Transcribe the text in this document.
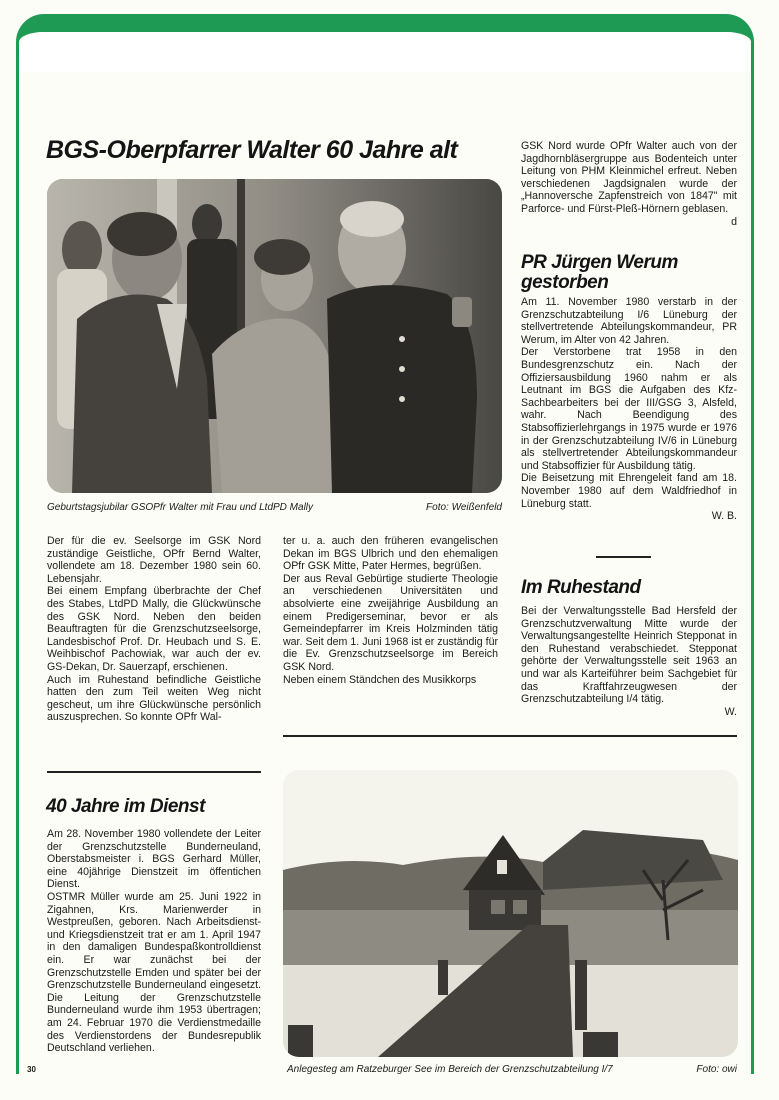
BGS-Oberpfarrer Walter 60 Jahre alt
Geburtstagsjubilar GSOPfr Walter mit Frau und LtdPD Mally	Foto: Weißenfeld

Der für die ev. Seelsorge im GSK Nord zuständige Geistliche, OPfr Bernd Walter, vollendete am 18. Dezember 1980 sein 60. Lebensjahr.

Bei einem Empfang überbrachte der Chef des Stabes, LtdPD Mally, die Glückwünsche des GSK Nord. Neben den beiden Beauftragten für die Grenzschutzseelsorge, Landesbischof Prof. Dr. Heubach und S. E. Weihbischof Pachowiak, war auch der ev. GS-Dekan, Dr. Sauerzapf, erschienen.

Auch im Ruhestand befindliche Geistliche hatten den zum Teil weiten Weg nicht gescheut, um ihre Glückwünsche persönlich auszusprechen. So konnte OPfr Wal-

ter u. a. auch den früheren evangelischen Dekan im BGS Ulbrich und den ehemaligen OPfr GSK Mitte, Pater Hermes, begrüßen.

Der aus Reval Gebürtige studierte Theologie an verschiedenen Universitäten und absolvierte eine zweijährige Ausbildung an einem Predigerseminar, bevor er als Gemeindepfarrer im Kreis Holzminden tätig war. Seit dem 1. Juni 1968 ist er zuständig für die Ev. Grenzschutzseelsorge im Bereich GSK Nord.

Neben einem Ständchen des Musikkorps

GSK Nord wurde OPfr Walter auch von der Jagdhornbläsergruppe aus Bodenteich unter Leitung von PHM Kleinmichel erfreut. Neben verschiedenen Jagdsignalen wurde der „Hannoversche Zapfenstreich von 1847" mit Parforce- und Fürst-Pleß-Hörnern geblasen.

d

PR Jürgen Werum gestorben

Am 11. November 1980 verstarb in der Grenzschutzabteilung I/6 Lüneburg der stellvertretende Abteilungskommandeur, PR Werum, im Alter von 42 Jahren.

Der Verstorbene trat 1958 in den Bundesgrenzschutz ein. Nach der Offiziersausbildung 1960 nahm er als Leutnant im BGS die Aufgaben des Kfz-Sachbearbeiters bei der III/GSG 3, Alsfeld, wahr. Nach Beendigung des Stabsoffizierlehrgangs in 1975 wurde er 1976 in der Grenzschutzabteilung IV/6 in Lüneburg als stellvertretender Abteilungskommandeur und Stabsoffizier für Ausbildung tätig.

Die Beisetzung mit Ehrengeleit fand am 18. November 1980 auf dem Waldfriedhof in Lüneburg statt.

W. B.

Im Ruhestand

Bei der Verwaltungsstelle Bad Hersfeld der Grenzschutzverwaltung Mitte wurde der Verwaltungsangestellte Heinrich Stepponat in den Ruhestand verabschiedet. Stepponat gehörte der Verwaltungsstelle seit 1963 an und war als Karteiführer beim Sachgebiet für das Kraftfahrzeugwesen der Grenzschutzabteilung I/4 tätig.

W.

40 Jahre im Dienst

Am 28. November 1980 vollendete der Leiter der Grenzschutzstelle Bunderneuland, Oberstabsmeister i. BGS Gerhard Müller, eine 40jährige Dienstzeit im öffentichen Dienst.

OSTMR Müller wurde am 25. Juni 1922 in Zigahnen, Krs. Marienwerder in Westpreußen, geboren. Nach Arbeitsdienst- und Kriegsdienstzeit trat er am 1. April 1947 in den damaligen Bundespaßkontrolldienst ein. Er war zunächst bei der Grenzschutzstelle Emden und später bei der Grenzschutzstelle Bunderneuland eingesetzt. Die Leitung der Grenzschutzstelle Bunderneuland wurde ihm 1953 übertragen; am 24. Februar 1970 die Verdienstmedaille des Verdienstordens der Bundesrepublik Deutschland verliehen.

Anlegesteg am Ratzeburger See im Bereich der Grenzschutzabteilung I/7	Foto: owi
30
